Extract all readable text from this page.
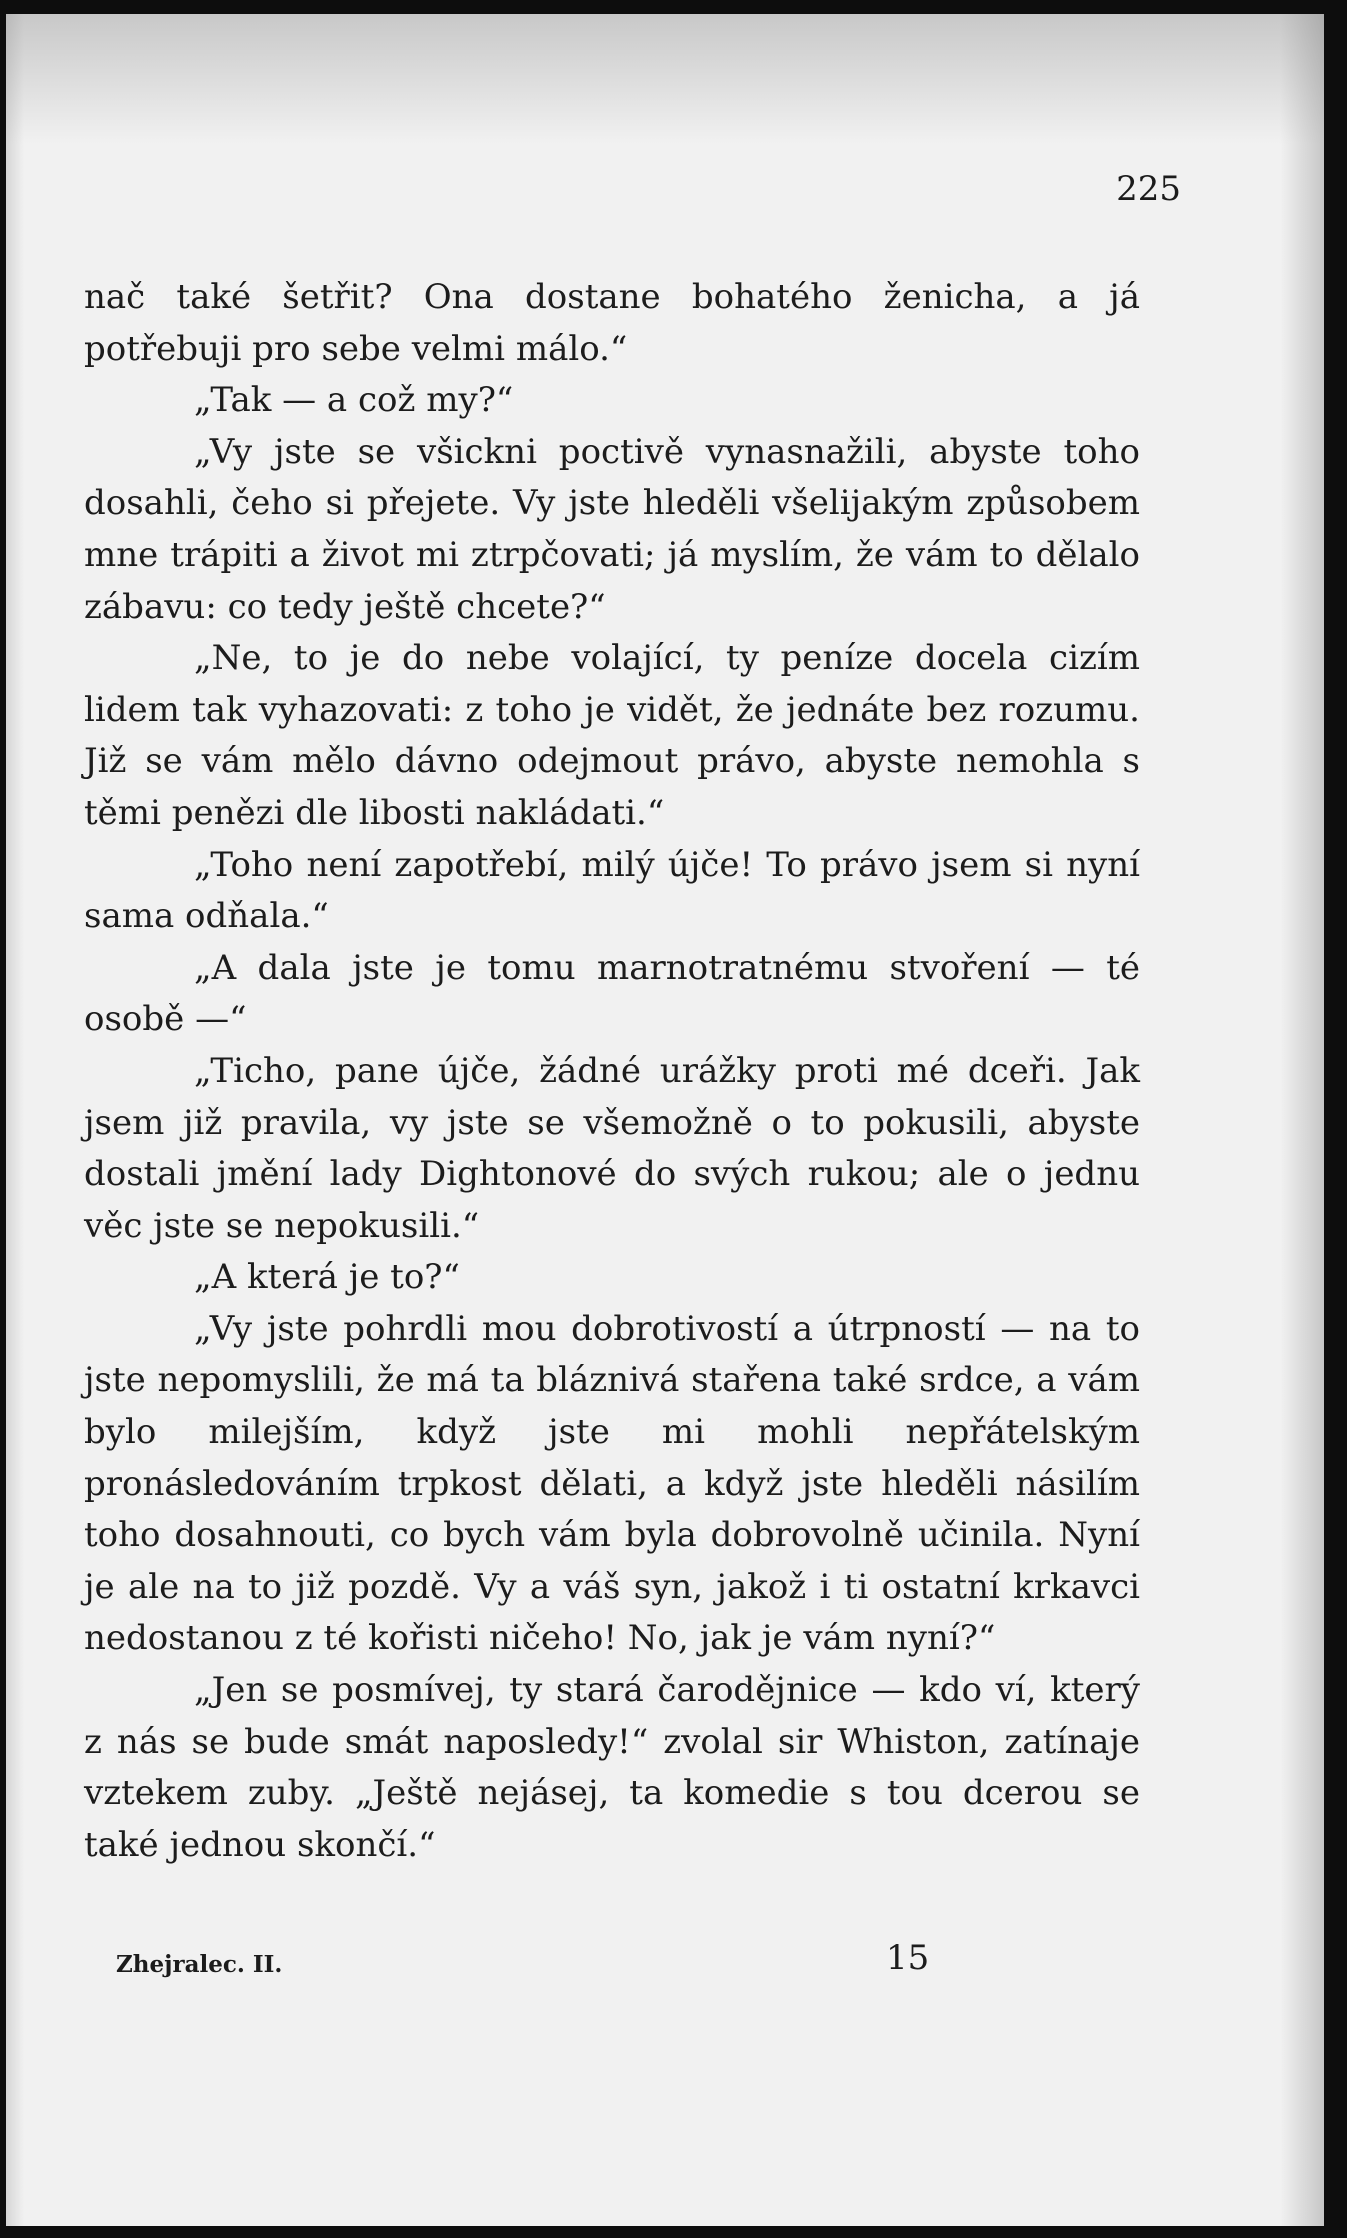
225

nač také šetřit? Ona dostane bohatého ženicha, a já potřebuji pro sebe velmi málo.“

„Tak — a což my?“

„Vy jste se všickni poctivě vynasnažili, abyste toho dosahli, čeho si přejete. Vy jste hleděli všelijakým způsobem mne trápiti a život mi ztrpčovati; já myslím, že vám to dělalo zábavu: co tedy ještě chcete?“

„Ne, to je do nebe volající, ty peníze docela cizím lidem tak vyhazovati: z toho je vidět, že jednáte bez rozumu. Již se vám mělo dávno odejmout právo, abyste nemohla s těmi penězi dle libosti nakládati.“

„Toho není zapotřebí, milý újče! To právo jsem si nyní sama odňala.“

„A dala jste je tomu marnotratnému stvoření — té osobě —“

„Ticho, pane újče, žádné urážky proti mé dceři. Jak jsem již pravila, vy jste se všemožně o to pokusili, abyste dostali jmění lady Dightonové do svých rukou; ale o jednu věc jste se nepokusili.“

„A která je to?“

„Vy jste pohrdli mou dobrotivostí a útrpností — na to jste nepomyslili, že má ta bláznivá stařena také srdce, a vám bylo milejším, když jste mi mohli nepřátelským pronásledováním trpkost dělati, a když jste hleděli násilím toho dosahnouti, co bych vám byla dobrovolně učinila. Nyní je ale na to již pozdě. Vy a váš syn, jakož i ti ostatní krkavci nedostanou z té kořisti ničeho! No, jak je vám nyní?“

„Jen se posmívej, ty stará čarodějnice — kdo ví, který z nás se bude smát naposledy!“ zvolal sir Whiston, zatínaje vztekem zuby. „Ještě nejásej, ta komedie s tou dcerou se také jednou skončí.“

Zhejralec. II.	15
